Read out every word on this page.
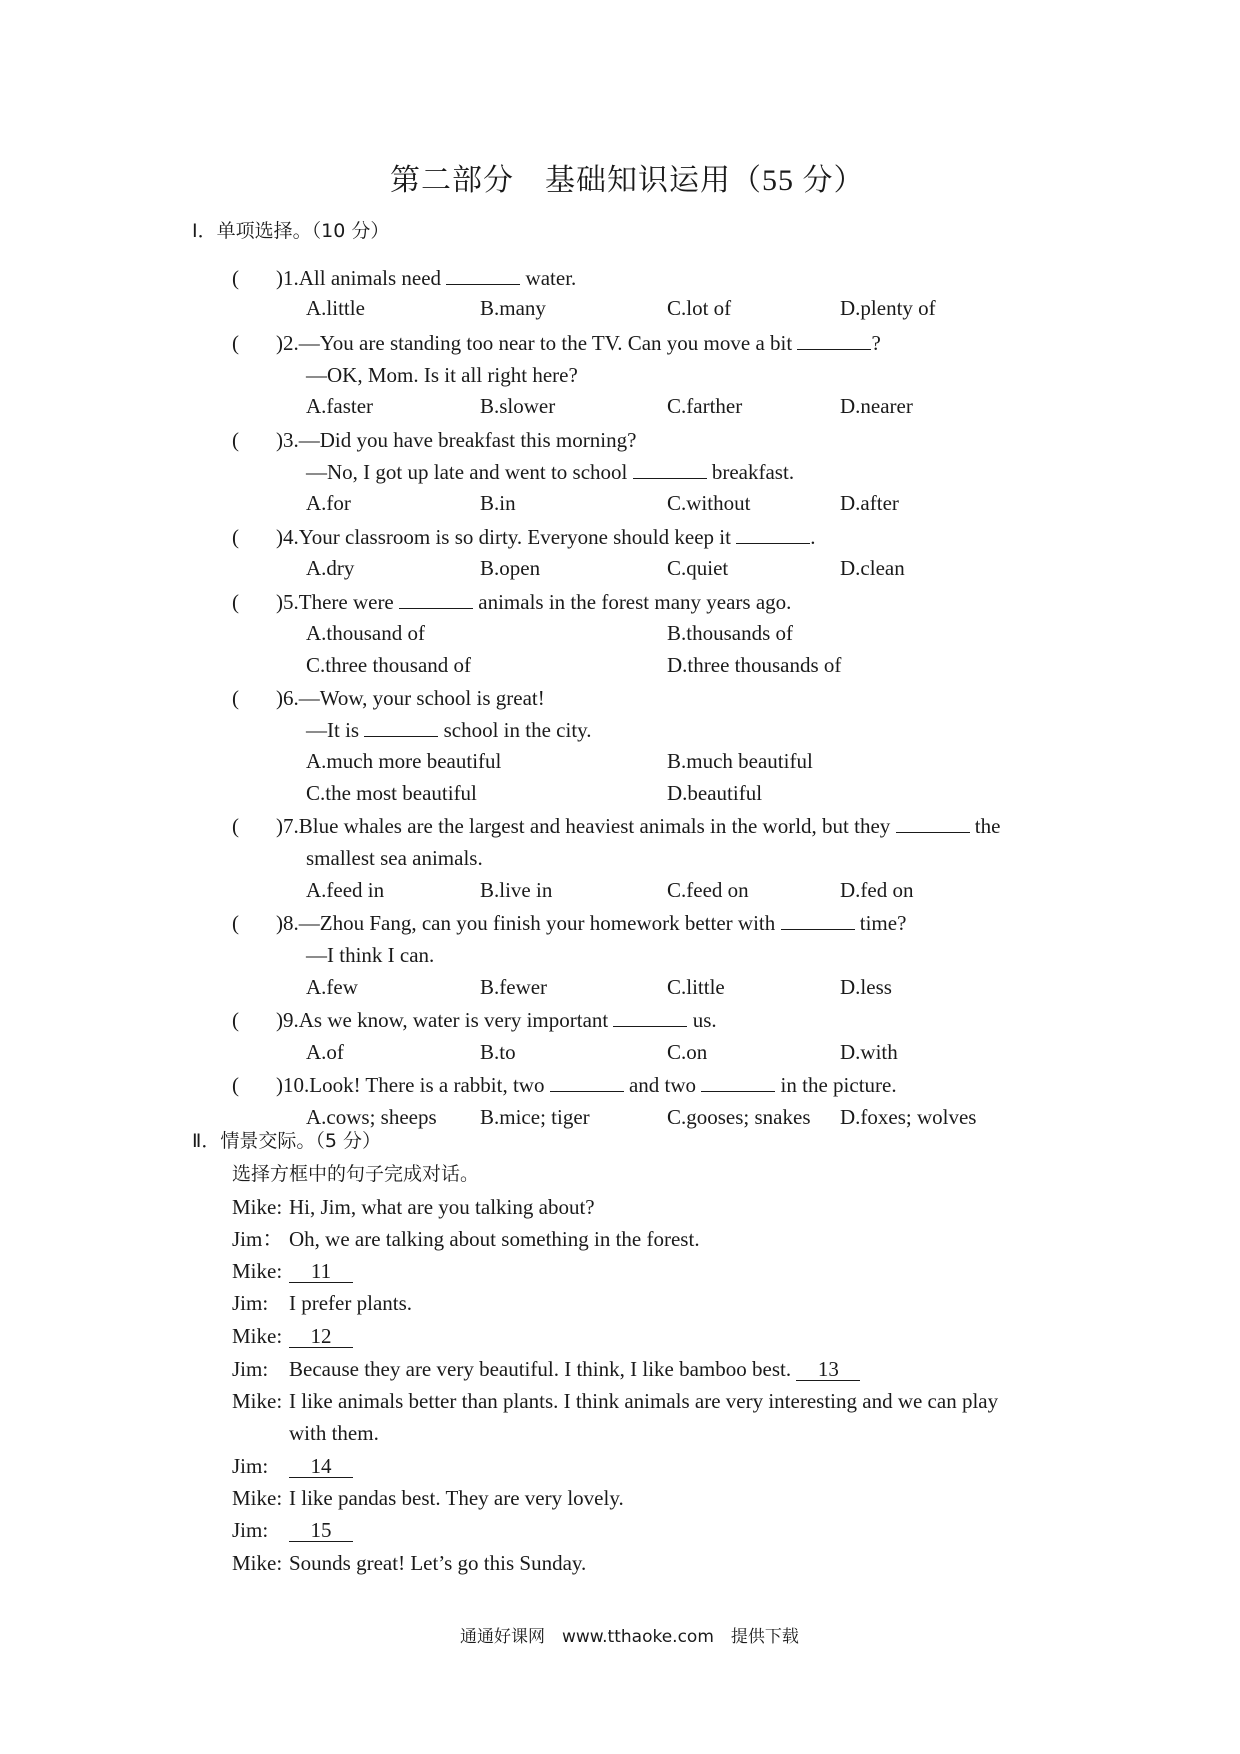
第二部分　基础知识运用（55 分）
Ⅰ．单项选择。（10 分）
( )1.All animals need	water.
A.little	B.many	C.lot of	D.plenty of
( )2.—You are standing too near to the TV. Can you move a bit	?
—OK, Mom. Is it all right here?
A.faster	B.slower	C.farther	D.nearer
( )3.—Did you have breakfast this morning?
—No, I got up late and went to school	breakfast.
A.for	B.in	C.without	D.after
( )4.Your classroom is so dirty. Everyone should keep it	.
A.dry	B.open	C.quiet	D.clean
( )5.There were	animals in the forest many years ago.
A.thousand of	B.thousands of
C.three thousand of	D.three thousands of
( )6.—Wow, your school is great!
—It is	school in the city.
A.much more beautiful	B.much beautiful
C.the most beautiful	D.beautiful
( )7.Blue whales are the largest and heaviest animals in the world, but they	the
smallest sea animals.
A.feed in	B.live in	C.feed on	D.fed on
( )8.—Zhou Fang, can you finish your homework better with	time?
—I think I can.
A.few	B.fewer	C.little	D.less
( )9.As we know, water is very important	us.
A.of	B.to	C.on	D.with
( )10.Look! There is a rabbit, two	and two	in the picture.
A.cows; sheeps B.mice; tiger	C.gooses; snakes D.foxes; wolves
Ⅱ．情景交际。（5 分）
选择方框中的句子完成对话。
Mike: Hi, Jim, what are you talking about?
Jim： Oh, we are talking about something in the forest.
Mike:	11
Jim: I prefer plants.
Mike:	12
Jim: Because they are very beautiful. I think, I like bamboo best. 13
Mike: I like animals better than plants. I think animals are very interesting and we can play
with them.
Jim:	14
Mike: I like pandas best. They are very lovely.
Jim:	15
Mike: Sounds great! Let’s go this Sunday.
通通好课网　www.tthaoke.com　提供下载
